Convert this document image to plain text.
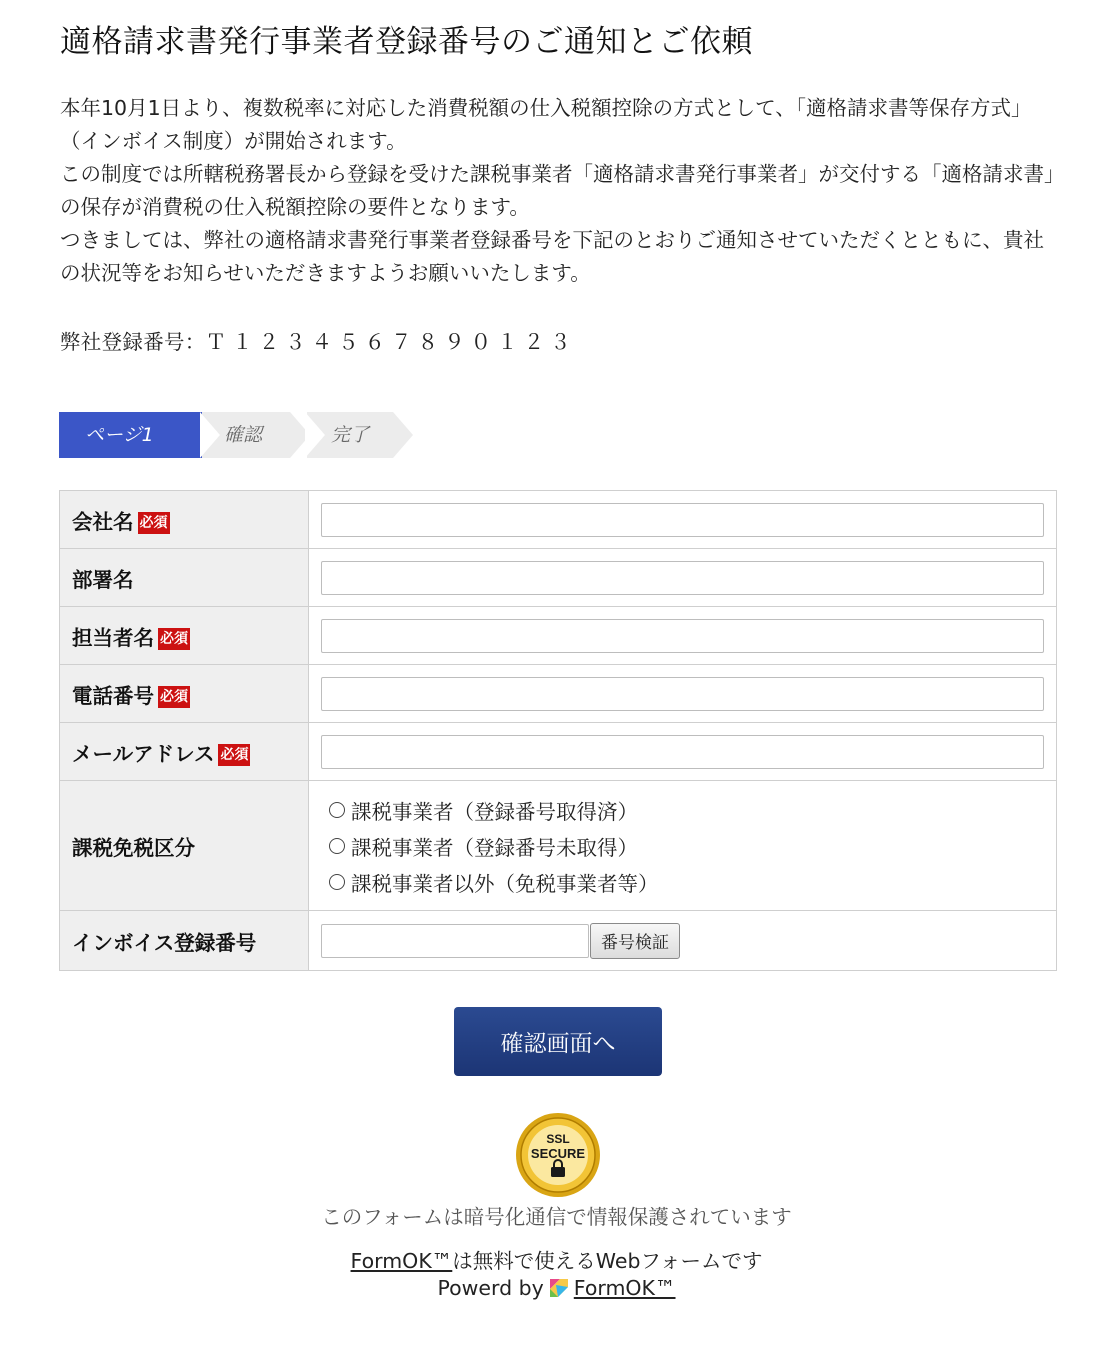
適格請求書発行事業者登録番号のご通知とご依頼

本年10月1日より、複数税率に対応した消費税額の仕入税額控除の方式として、「適格請求書等保存方式」（インボイス制度）が開始されます。

この制度では所轄税務署長から登録を受けた課税事業者「適格請求書発行事業者」が交付する「適格請求書」の保存が消費税の仕入税額控除の要件となります。

つきましては、弊社の適格請求書発行事業者登録番号を下記のとおりご通知させていただくとともに、貴社の状況等をお知らせいただきますようお願いいたします。

弊社登録番号：Ｔ１２３４５６７８９０１２３
ページ1	確認	完了
会社名 必須	
部署名	
担当者名 必須	
電話番号 必須	
メールアドレス 必須	
課税免税区分	課税事業者（登録番号取得済）
課税事業者（登録番号未取得）
課税事業者以外（免税事業者等）

インボイス登録番号	番号検証
確認画面へ
SSL
SECURE
このフォームは暗号化通信で情報保護されています
FormOK™は無料で使えるWebフォームです
Powerd by FormOK™
